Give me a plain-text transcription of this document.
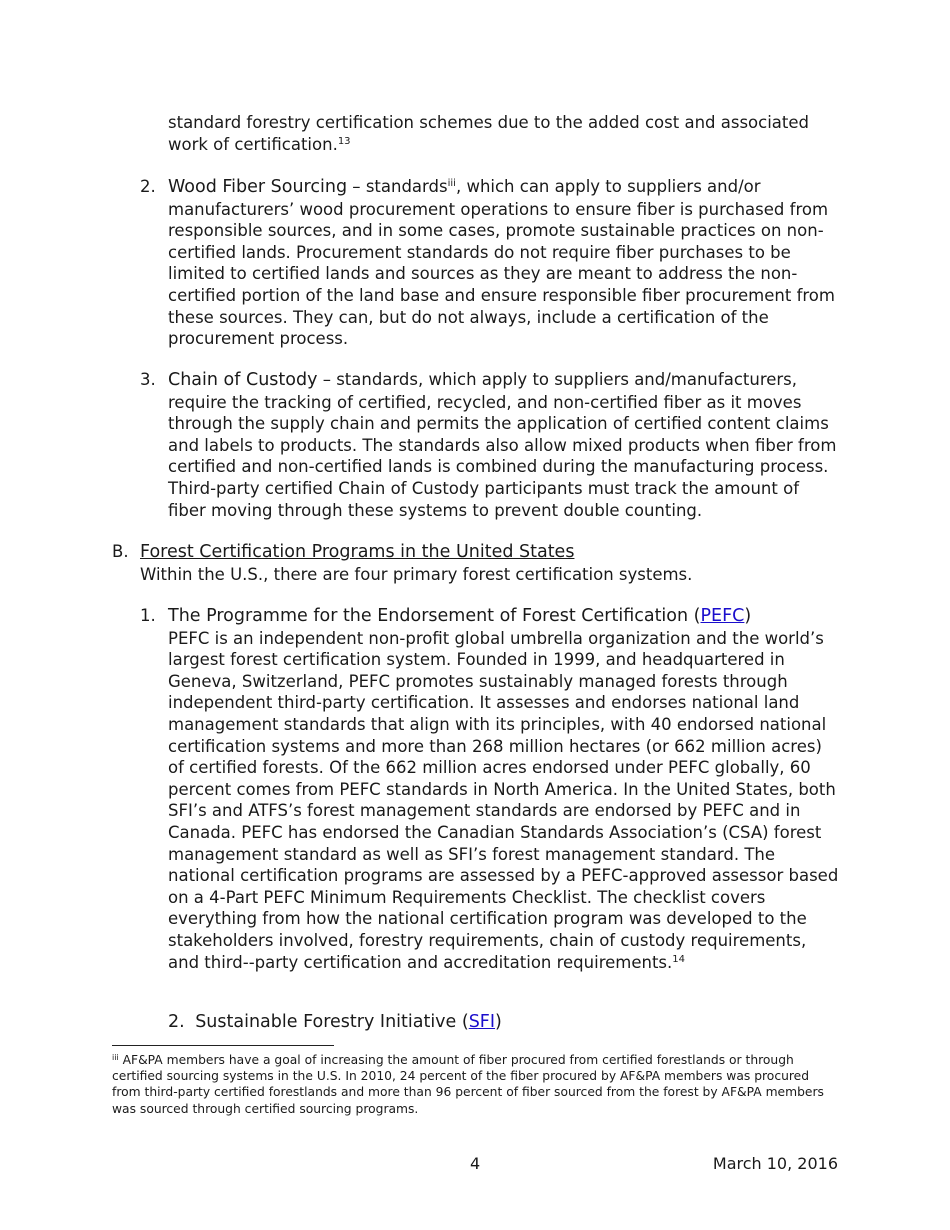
standard forestry certification schemes due to the added cost and associated work of certification.$^{13}$

2. Wood Fiber Sourcing – standards$^{iii}$, which can apply to suppliers and/or manufacturers’ wood procurement operations to ensure fiber is purchased from responsible sources, and in some cases, promote sustainable practices on non-certified lands. Procurement standards do not require fiber purchases to be limited to certified lands and sources as they are meant to address the non-certified portion of the land base and ensure responsible fiber procurement from these sources. They can, but do not always, include a certification of the procurement process.

3. Chain of Custody – standards, which apply to suppliers and/manufacturers, require the tracking of certified, recycled, and non-certified fiber as it moves through the supply chain and permits the application of certified content claims and labels to products. The standards also allow mixed products when fiber from certified and non-certified lands is combined during the manufacturing process. Third-party certified Chain of Custody participants must track the amount of fiber moving through these systems to prevent double counting.

B. Forest Certification Programs in the United States
Within the U.S., there are four primary forest certification systems.
1. The Programme for the Endorsement of Forest Certification (PEFC)
PEFC is an independent non-profit global umbrella organization and the world’s largest forest certification system. Founded in 1999, and headquartered in Geneva, Switzerland, PEFC promotes sustainably managed forests through independent third-party certification. It assesses and endorses national land management standards that align with its principles, with 40 endorsed national certification systems and more than 268 million hectares (or 662 million acres) of certified forests. Of the 662 million acres endorsed under PEFC globally, 60 percent comes from PEFC standards in North America. In the United States, both SFI’s and ATFS’s forest management standards are endorsed by PEFC and in Canada. PEFC has endorsed the Canadian Standards Association’s (CSA) forest management standard as well as SFI’s forest management standard. The national certification programs are assessed by a PEFC-approved assessor based on a 4-Part PEFC Minimum Requirements Checklist. The checklist covers everything from how the national certification program was developed to the stakeholders involved, forestry requirements, chain of custody requirements, and third--party certification and accreditation requirements.$^{14}$
2. Sustainable Forestry Initiative (SFI)

$^{iii}$ AF&PA members have a goal of increasing the amount of fiber procured from certified forestlands or through certified sourcing systems in the U.S. In 2010, 24 percent of the fiber procured by AF&PA members was procured from third-party certified forestlands and more than 96 percent of fiber sourced from the forest by AF&PA members was sourced through certified sourcing programs.

4	March 10, 2016
